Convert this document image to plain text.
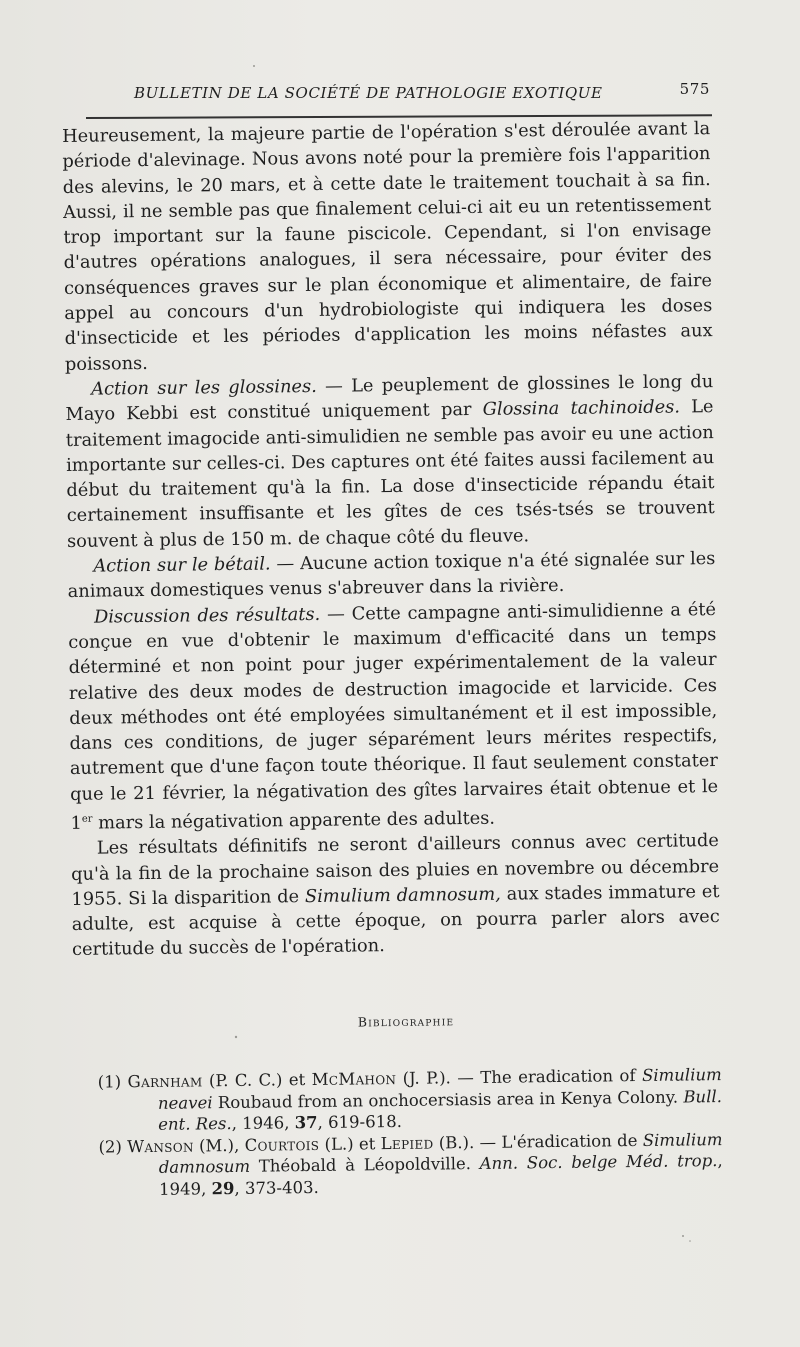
BULLETIN DE LA SOCIÉTÉ DE PATHOLOGIE EXOTIQUE	575

Heureusement, la majeure partie de l'opération s'est déroulée avant la période d'alevinage. Nous avons noté pour la première fois l'apparition des alevins, le 20 mars, et à cette date le traitement touchait à sa fin. Aussi, il ne semble pas que finalement celui-ci ait eu un retentissement trop important sur la faune piscicole. Cependant, si l'on envisage d'autres opérations analogues, il sera nécessaire, pour éviter des conséquences graves sur le plan économique et alimentaire, de faire appel au concours d'un hydrobiologiste qui indiquera les doses d'insecticide et les périodes d'application les moins néfastes aux poissons.

Action sur les glossines. — Le peuplement de glossines le long du Mayo Kebbi est constitué uniquement par Glossina tachinoides. Le traitement imagocide anti-simulidien ne semble pas avoir eu une action importante sur celles-ci. Des captures ont été faites aussi facilement au début du traitement qu'à la fin. La dose d'insecticide répandu était certainement insuffisante et les gîtes de ces tsés-tsés se trouvent souvent à plus de 150 m. de chaque côté du fleuve.

Action sur le bétail. — Aucune action toxique n'a été signalée sur les animaux domestiques venus s'abreuver dans la rivière.

Discussion des résultats. — Cette campagne anti-simulidienne a été conçue en vue d'obtenir le maximum d'efficacité dans un temps déterminé et non point pour juger expérimentalement de la valeur relative des deux modes de destruction imagocide et larvicide. Ces deux méthodes ont été employées simultanément et il est impossible, dans ces conditions, de juger séparément leurs mérites respectifs, autrement que d'une façon toute théorique. Il faut seulement constater que le 21 février, la négativation des gîtes larvaires était obtenue et le 1er mars la négativation apparente des adultes.

Les résultats définitifs ne seront d'ailleurs connus avec certitude qu'à la fin de la prochaine saison des pluies en novembre ou décembre 1955. Si la disparition de Simulium damnosum, aux stades immature et adulte, est acquise à cette époque, on pourra parler alors avec certitude du succès de l'opération.

Bibliographie

(1) Garnham (P. C. C.) et McMahon (J. P.). — The eradication of Simulium neavei Roubaud from an onchocersiasis area in Kenya Colony. Bull. ent. Res., 1946, 37, 619-618.

(2) Wanson (M.), Courtois (L.) et Lepied (B.). — L'éradication de Simulium damnosum Théobald à Léopoldville. Ann. Soc. belge Méd. trop., 1949, 29, 373-403.
